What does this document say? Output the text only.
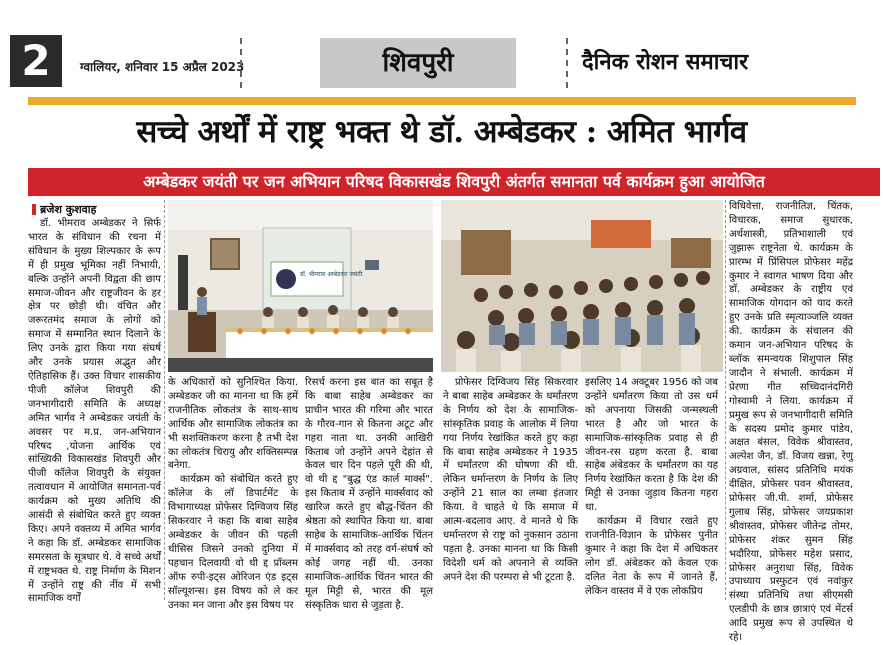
2	ग्वालियर, शनिवार 15 अप्रैल 2023	शिवपुरी	दैनिक रोशन समाचार
सच्चे अर्थों में राष्ट्र भक्त थे डॉ. अम्बेडकर : अमित भार्गव
अम्बेडकर जयंती पर जन अभियान परिषद विकासखंड शिवपुरी अंतर्गत समानता पर्व कार्यक्रम हुआ आयोजित
ब्रजेश कुशवाह

डॉ. भीमराव अम्बेडकर ने सिर्फ भारत के संविधान की रचना में संविधान के मुख्य शिल्पकार के रूप में ही प्रमुख भूमिका नहीं निभायी, बल्कि उन्होंने अपनी विद्वता की छाप समाज-जीवन और राष्ट्रजीवन के हर क्षेत्र पर छोड़ी थी। वंचित और जरूरतमंद समाज के लोगों को समाज में सम्मानित स्थान दिलाने के लिए उनके द्वारा किया गया संघर्ष और उनके प्रयास अद्भुत और ऐतिहासिक हैं। उक्त विचार शासकीय पीजी कॉलेज शिवपुरी की जनभागीदारी समिति के अध्यक्ष अमित भार्गव ने अम्बेडकर जयंती के अवसर पर म.प्र. जन-अभियान परिषद ,योजना आर्थिक एवं सांख्यिकी विकासखंड शिवपुरी और पीजी कॉलेज शिवपुरी के संयुक्त तत्वावधान में आयोजित समानता-पर्व कार्यक्रम को मुख्य अतिथि की आसंदी से संबोधित करते हुए व्यक्त किए। अपने वक्तव्य में अमित भार्गव ने कहा कि डॉ. अम्बेडकर सामाजिक समरसता के सूत्रधार थे. वे सच्चे अर्थों में राष्ट्रभक्त थे. राष्ट्र निर्माण के मिशन में उन्होंने राष्ट्र की नींव में सभी सामाजिक वर्गों

डॉ. भीमराव अम्बेडकर जयंती

के अधिकारों को सुनिश्चित किया. अम्बेडकर जी का मानना था कि हमें राजनीतिक लोकतंत्र के साथ-साथ आर्थिक और सामाजिक लोकतंत्र का भी सशक्तिकरण करना है तभी देश का लोकतंत्र चिरायु और शक्तिसम्पन्न बनेगा.

कार्यक्रम को संबोधित करते हुए कॉलेज के लॉ डिपार्टमेंट के विभागाध्यक्ष प्रोफेसर दिग्विजय सिंह सिकरवार ने कहा कि बाबा साहेब अम्बेडकर के जीवन की पहली थीसिस जिसने उनको दुनिया में पहचान दिलवायी वो थी द्द प्रॉब्लम ऑफ रुपी-इट्स ओरिजन एंड इट्स सॉल्यूशन्स। इस विषय को ले कर उनका मन जाना और इस विषय पर

रिसर्च करना इस बात का सबूत है कि बाबा साहेब अम्बेडकर का प्राचीन भारत की गरिमा और भारत के गौरव-गान से कितना अटूट और गहरा नाता था. उनकी आखिरी किताब जो उन्होंने अपने देहांत से केवल चार दिन पहले पूरी की थी, वो थी द्द "बुद्ध एंड कार्ल मार्क्स". इस किताब में उन्होंने मार्क्सवाद को खारिज करते हुए बौद्ध-चिंतन की श्रेष्ठता को स्थापित किया था. बाबा साहेब के सामाजिक-आर्थिक चिंतन में मार्क्सवाद को तरह वर्ग-संघर्ष को कोई जगह नहीं थी. उनका सामाजिक-आर्थिक चिंतन भारत की मूल मिट्टी से, भारत की मूल संस्कृतिक धारा से जुड़ता है.

प्रोफेसर दिग्विजय सिंह सिकरवार ने बाबा साहेब अम्बेडकर के धर्मांतरण के निर्णय को देश के सामाजिक-सांस्कृतिक प्रवाह के आलोक में लिया गया निर्णय रेखांकित करते हुए कहा कि बाबा साहेब अम्बेडकर ने 1935 में धर्मांतरण की घोषणा की थी. लेकिन धर्मान्तरण के निर्णय के लिए उन्होंने 21 साल का लम्बा इंतजार किया. वे चाहते थे कि समाज में आत्म-बदलाव आए. वे मानते थे कि धर्मान्तरण से राष्ट्र को नुकसान उठाना पड़ता है. उनका मानना था कि किसी विदेशी धर्म को अपनाने से व्यक्ति अपने देश की परम्परा से भी टूटता है.

इसलिए 14 अक्टूबर 1956 को जब उन्होंने धर्मांतरण किया तो उस धर्म को अपनाया जिसकी जन्मस्थली भारत है और जो भारत के सामाजिक-सांस्कृतिक प्रवाह से ही जीवन-रस ग्रहण करता है. बाबा साहेब अंबेडकर के धर्मांतरण का यह निर्णय रेखांकित करता है कि देश की मिट्टी से उनका जुड़ाव कितना गहरा था.

कार्यक्रम में विचार रखते हुए राजनीति-विज्ञान के प्रोफेसर पुनीत कुमार ने कहा कि देश में अधिकतर लोग डॉ. अंबेडकर को केवल एक दलित नेता के रूप में जानते हैं, लेकिन वास्तव में वे एक लोकप्रिय

विधिवेत्ता, राजनीतिज्ञ, चिंतक, विचारक, समाज सुधारक, अर्थशास्त्री, प्रतिभाशाली एवं जुझारू राष्ट्रनेता थे. कार्यक्रम के प्रारम्भ में प्रिंसिपल प्रोफेसर महेंद्र कुमार ने स्वागत भाषण दिया और डॉ. अम्बेडकर के राष्ट्रीय एवं सामाजिक योगदान को याद करते हुए उनके प्रति स्मृत्याञ्जलि व्यक्त की. कार्यक्रम के संचालन की कमान जन-अभियान परिषद के ब्लॉक समन्वयक शिशुपाल सिंह जादौन ने संभाली. कार्यक्रम में प्रेरणा गीत सच्चिदानंदगिरी गोस्वामी ने लिया. कार्यक्रम में प्रमुख रूप से जनभागीदारी समिति के सदस्य प्रमोद कुमार पांडेय, अक्षत बंसल, विवेक श्रीवास्तव, अल्पेश जैन, डॉ. विजय खन्ना, रेणु अग्रवाल, सांसद प्रतिनिधि मयंक दीक्षित, प्रोफेसर पवन श्रीवास्तव, प्रोफेसर जी.पी. शर्मा, प्रोफेसर गुलाब सिंह, प्रोफेसर जयप्रकाश श्रीवास्तव, प्रोफेसर जीतेन्द्र तोमर, प्रोफेसर शंकर सुमन सिंह भदौरिया, प्रोफेसर महेश प्रसाद, प्रोफेसर अनुराधा सिंह, विवेक उपाध्याय प्रस्फुटन एवं नवांकुर संस्था प्रतिनिधि तथा सीएमसी एलडीपी के छात्र छात्राएं एवं मेंटर्स आदि प्रमुख रूप से उपस्थित थे रहे।
